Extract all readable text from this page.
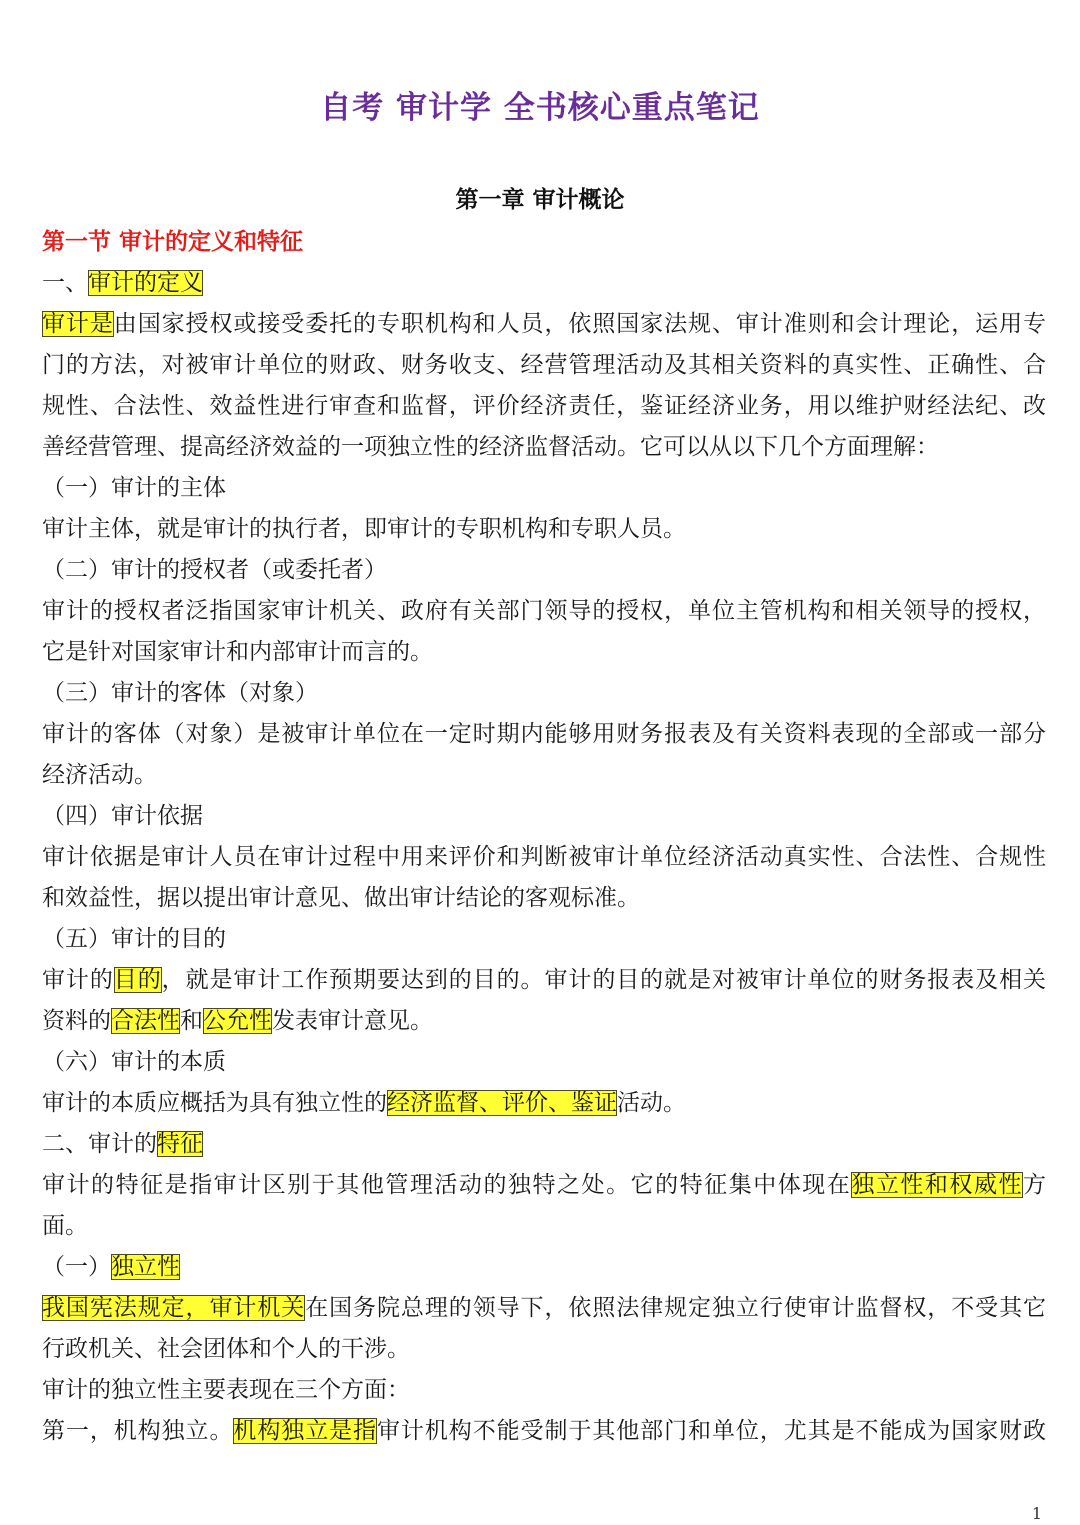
自考 审计学 全书核心重点笔记
第一章 审计概论
第一节 审计的定义和特征
一、审计的定义
审计是由国家授权或接受委托的专职机构和人员，依照国家法规、审计准则和会计理论，运用专
门的方法，对被审计单位的财政、财务收支、经营管理活动及其相关资料的真实性、正确性、合
规性、合法性、效益性进行审查和监督，评价经济责任，鉴证经济业务，用以维护财经法纪、改
善经营管理、提高经济效益的一项独立性的经济监督活动。它可以从以下几个方面理解：
（一）审计的主体
审计主体，就是审计的执行者，即审计的专职机构和专职人员。
（二）审计的授权者（或委托者）
审计的授权者泛指国家审计机关、政府有关部门领导的授权，单位主管机构和相关领导的授权，
它是针对国家审计和内部审计而言的。
（三）审计的客体（对象）
审计的客体（对象）是被审计单位在一定时期内能够用财务报表及有关资料表现的全部或一部分
经济活动。
（四）审计依据
审计依据是审计人员在审计过程中用来评价和判断被审计单位经济活动真实性、合法性、合规性
和效益性，据以提出审计意见、做出审计结论的客观标准。
（五）审计的目的
审计的目的，就是审计工作预期要达到的目的。审计的目的就是对被审计单位的财务报表及相关
资料的合法性和公允性发表审计意见。
（六）审计的本质
审计的本质应概括为具有独立性的经济监督、评价、鉴证活动。
二、审计的特征
审计的特征是指审计区别于其他管理活动的独特之处。它的特征集中体现在独立性和权威性方
面。
（一）独立性
我国宪法规定，审计机关在国务院总理的领导下，依照法律规定独立行使审计监督权，不受其它
行政机关、社会团体和个人的干涉。
审计的独立性主要表现在三个方面：
第一，机构独立。机构独立是指审计机构不能受制于其他部门和单位，尤其是不能成为国家财政
1
